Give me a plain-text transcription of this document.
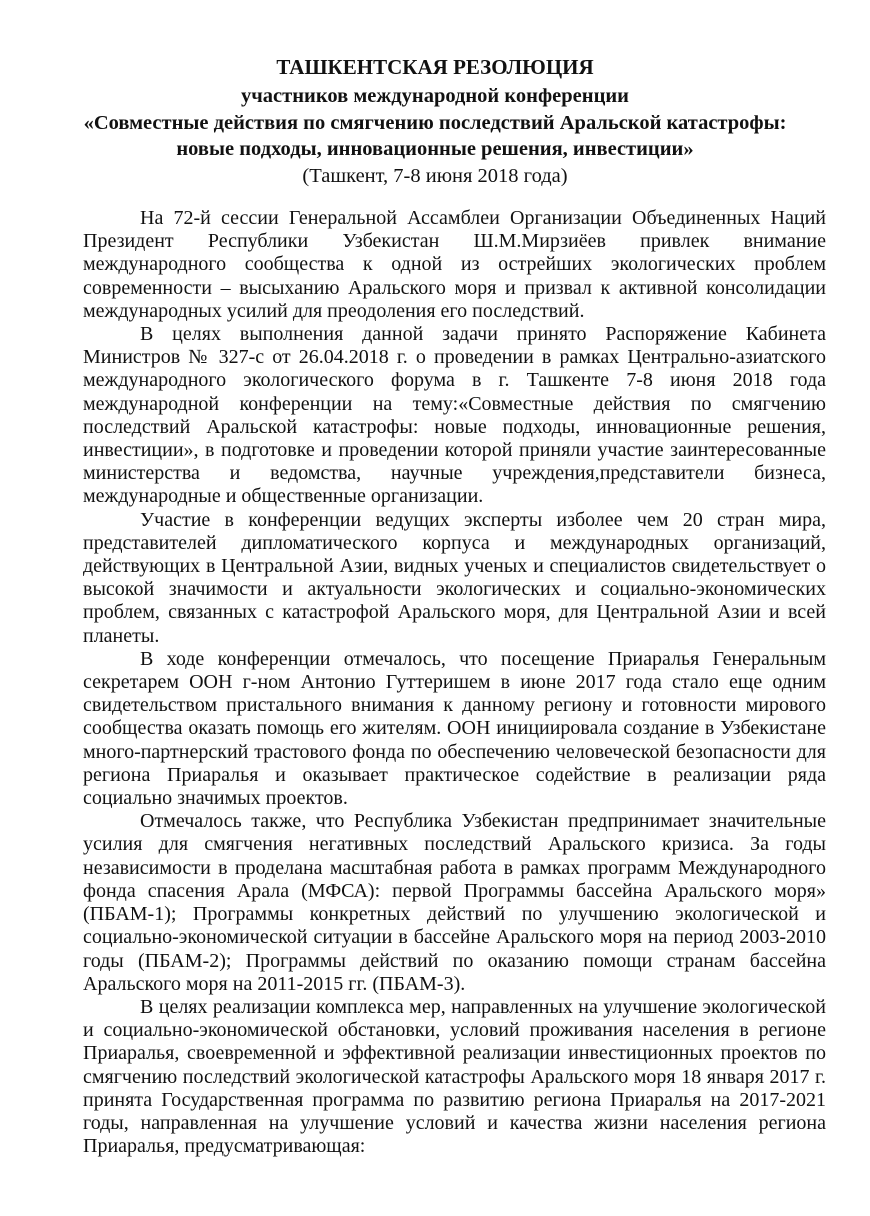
ТАШКЕНТСКАЯ РЕЗОЛЮЦИЯ

участников международной конференции

«Совместные действия по смягчению последствий Аральской катастрофы:

новые подходы, инновационные решения, инвестиции»

(Ташкент, 7-8 июня 2018 года)

На 72-й сессии Генеральной Ассамблеи Организации Объединенных Наций Президент Республики Узбекистан Ш.М.Мирзиёев привлек внимание международного сообщества к одной из острейших экологических проблем современности – высыханию Аральского моря и призвал к активной консолидации международных усилий для преодоления его последствий.

В целях выполнения данной задачи принято Распоряжение Кабинета Министров № 327-с от 26.04.2018 г. о проведении в рамках Центрально-азиатского международного экологического форума в г. Ташкенте 7-8 июня 2018 года международной конференции на тему:«Совместные действия по смягчению последствий Аральской катастрофы: новые подходы, инновационные решения, инвестиции», в подготовке и проведении которой приняли участие заинтересованные министерства и ведомства, научные учреждения,представители бизнеса, международные и общественные организации.

Участие в конференции ведущих эксперты изболее чем 20 стран мира, представителей дипломатического корпуса и международных организаций, действующих в Центральной Азии, видных ученых и специалистов свидетельствует о высокой значимости и актуальности экологических и социально-экономических проблем, связанных с катастрофой Аральского моря, для Центральной Азии и всей планеты.

В ходе конференции отмечалось, что посещение Приаралья Генеральным секретарем ООН г-ном Антонио Гуттеришем в июне 2017 года стало еще одним свидетельством пристального внимания к данному региону и готовности мирового сообщества оказать помощь его жителям. ООН инициировала создание в Узбекистане много-партнерский трастового фонда по обеспечению человеческой безопасности для региона Приаралья и оказывает практическое содействие в реализации ряда социально значимых проектов.

Отмечалось также, что Республика Узбекистан предпринимает значительные усилия для смягчения негативных последствий Аральского кризиса. За годы независимости в проделана масштабная работа в рамках программ Международного фонда спасения Арала (МФСА): первой Программы бассейна Аральского моря» (ПБАМ-1); Программы конкретных действий по улучшению экологической и социально-экономической ситуации в бассейне Аральского моря на период 2003-2010 годы (ПБАМ-2); Программы действий по оказанию помощи странам бассейна Аральского моря на 2011-2015 гг. (ПБАМ-3).

В целях реализации комплекса мер, направленных на улучшение экологической и социально-экономической обстановки, условий проживания населения в регионе Приаралья, своевременной и эффективной реализации инвестиционных проектов по смягчению последствий экологической катастрофы Аральского моря 18 января 2017 г. принята Государственная программа по развитию региона Приаралья на 2017-2021 годы, направленная на улучшение условий и качества жизни населения региона Приаралья, предусматривающая:
